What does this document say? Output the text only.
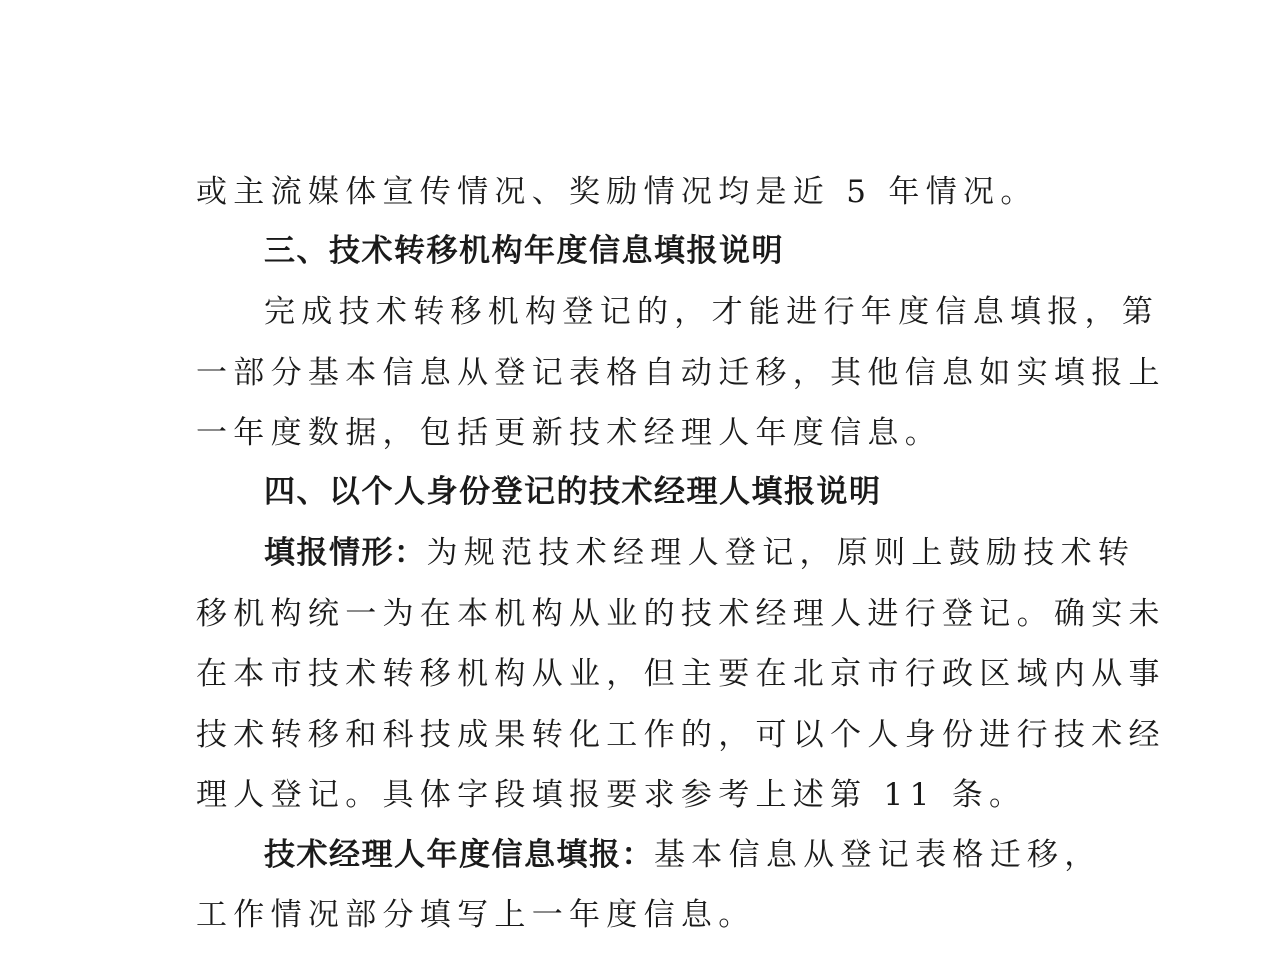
或主流媒体宣传情况、奖励情况均是近 5 年情况。
三、技术转移机构年度信息填报说明
完成技术转移机构登记的，才能进行年度信息填报，第
一部分基本信息从登记表格自动迁移，其他信息如实填报上
一年度数据，包括更新技术经理人年度信息。
四、以个人身份登记的技术经理人填报说明
填报情形：为规范技术经理人登记，原则上鼓励技术转
移机构统一为在本机构从业的技术经理人进行登记。确实未
在本市技术转移机构从业，但主要在北京市行政区域内从事
技术转移和科技成果转化工作的，可以个人身份进行技术经
理人登记。具体字段填报要求参考上述第 11 条。
技术经理人年度信息填报：基本信息从登记表格迁移，
工作情况部分填写上一年度信息。
